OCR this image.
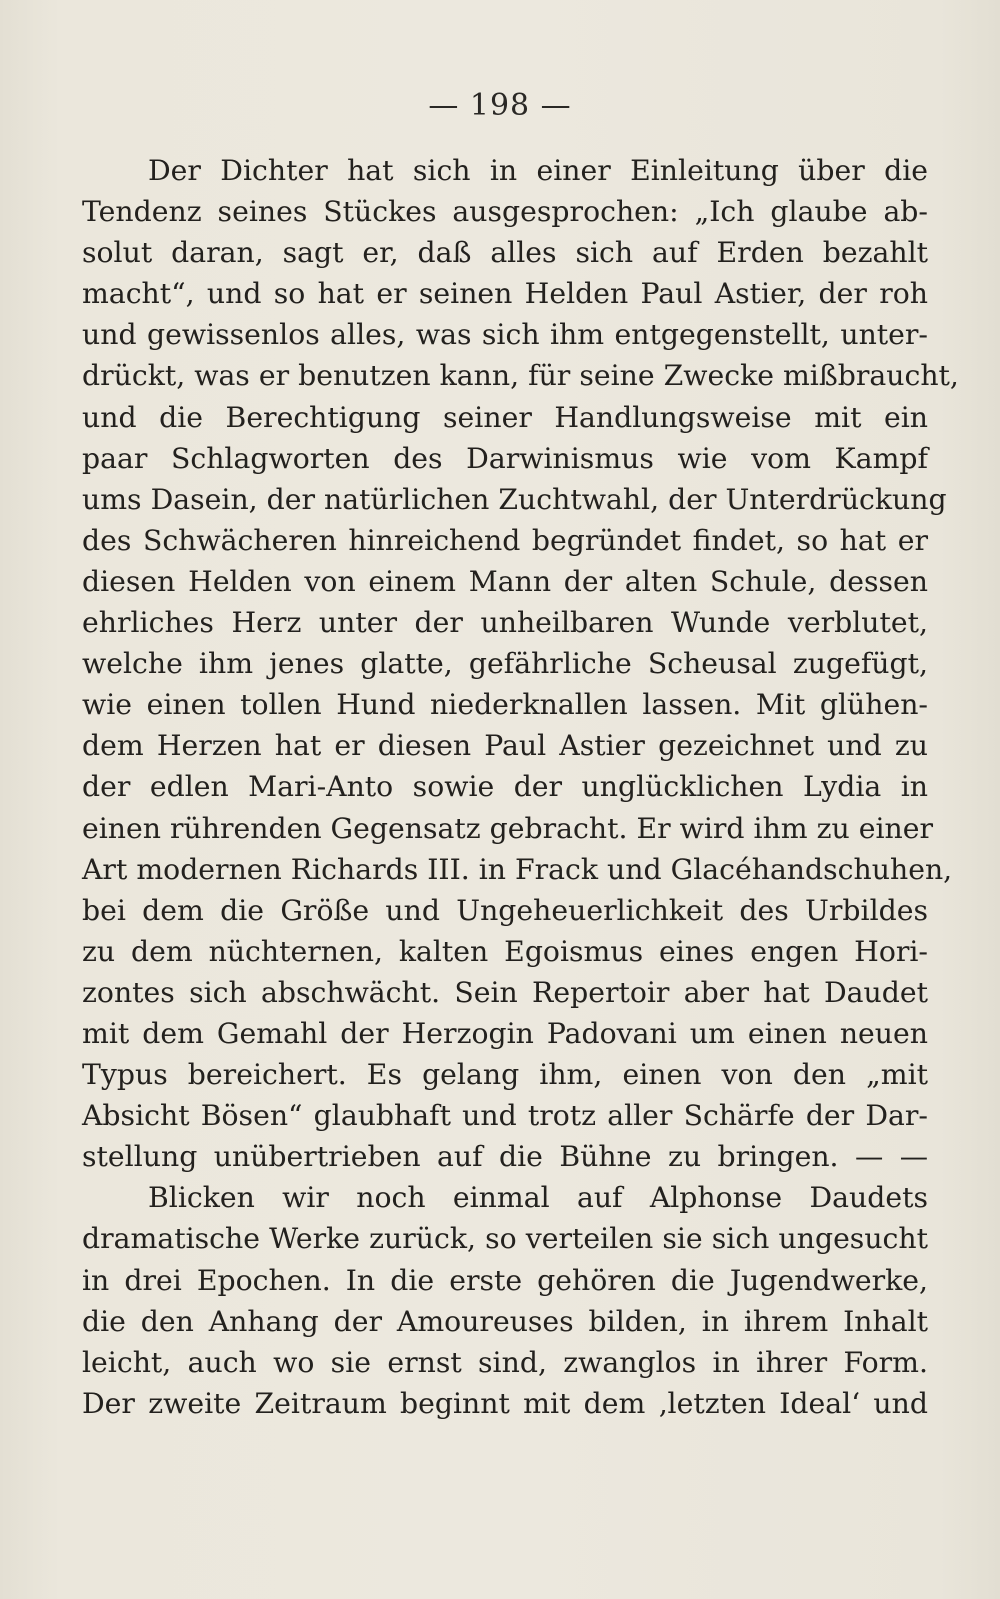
— 198 —
Der Dichter hat sich in einer Einleitung über die
Tendenz seines Stückes ausgesprochen: „Ich glaube ab-
solut daran, sagt er, daß alles sich auf Erden bezahlt
macht“, und so hat er seinen Helden Paul Astier, der roh
und gewissenlos alles, was sich ihm entgegenstellt, unter-
drückt, was er benutzen kann, für seine Zwecke mißbraucht,
und die Berechtigung seiner Handlungsweise mit ein
paar Schlagworten des Darwinismus wie vom Kampf
ums Dasein, der natürlichen Zuchtwahl, der Unterdrückung
des Schwächeren hinreichend begründet findet, so hat er
diesen Helden von einem Mann der alten Schule, dessen
ehrliches Herz unter der unheilbaren Wunde verblutet,
welche ihm jenes glatte, gefährliche Scheusal zugefügt,
wie einen tollen Hund niederknallen lassen. Mit glühen-
dem Herzen hat er diesen Paul Astier gezeichnet und zu
der edlen Mari-Anto sowie der unglücklichen Lydia in
einen rührenden Gegensatz gebracht. Er wird ihm zu einer
Art modernen Richards III. in Frack und Glacéhandschuhen,
bei dem die Größe und Ungeheuerlichkeit des Urbildes
zu dem nüchternen, kalten Egoismus eines engen Hori-
zontes sich abschwächt. Sein Repertoir aber hat Daudet
mit dem Gemahl der Herzogin Padovani um einen neuen
Typus bereichert. Es gelang ihm, einen von den „mit
Absicht Bösen“ glaubhaft und trotz aller Schärfe der Dar-
stellung unübertrieben auf die Bühne zu bringen. — —
Blicken wir noch einmal auf Alphonse Daudets
dramatische Werke zurück, so verteilen sie sich ungesucht
in drei Epochen. In die erste gehören die Jugendwerke,
die den Anhang der Amoureuses bilden, in ihrem Inhalt
leicht, auch wo sie ernst sind, zwanglos in ihrer Form.
Der zweite Zeitraum beginnt mit dem ‚letzten Ideal‘ und
